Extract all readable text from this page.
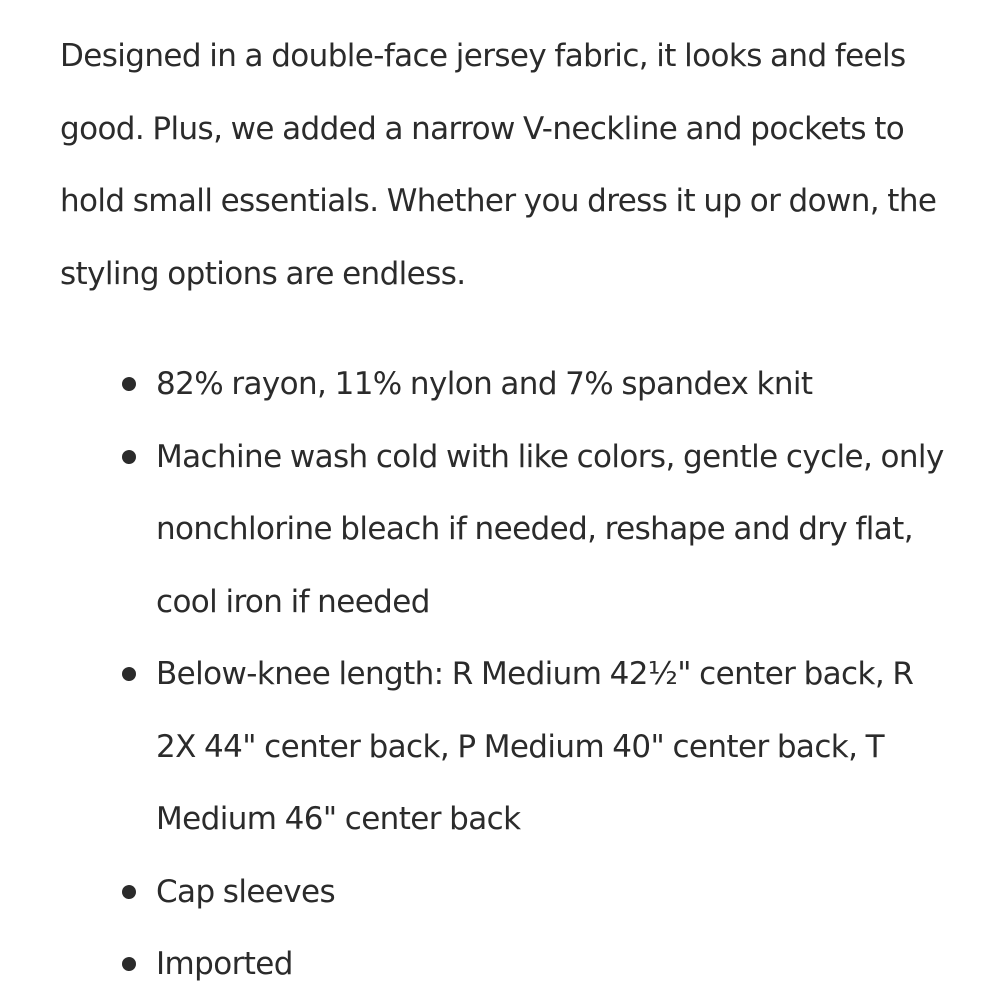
Designed in a double-face jersey fabric, it looks and feels good. Plus, we added a narrow V-neckline and pockets to hold small essentials. Whether you dress it up or down, the styling options are endless.

82% rayon, 11% nylon and 7% spandex knit
Machine wash cold with like colors, gentle cycle, only nonchlorine bleach if needed, reshape and dry flat, cool iron if needed
Below-knee length: R Medium 42½" center back, R 2X 44" center back, P Medium 40" center back, T Medium 46" center back
Cap sleeves
Imported
